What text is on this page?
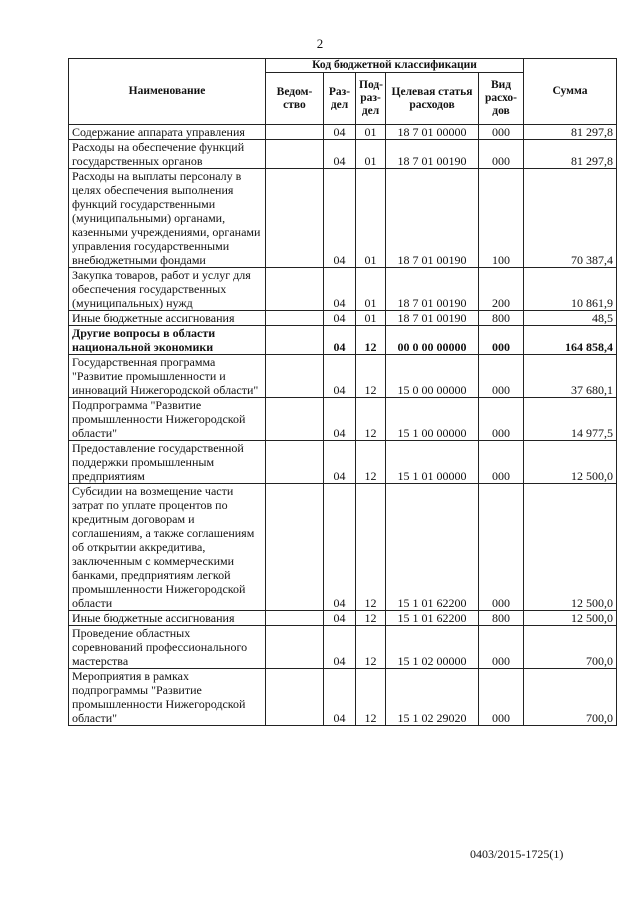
2
Наименование	Код бюджетной классификации					Сумма
	Ведом-ство	Раз-дел	Под-раз-дел	Целевая статья расходов	Вид расхо-дов	
Содержание аппарата управления		04	01	18 7 01 00000	000	81 297,8
Расходы на обеспечение функций государственных органов		04	01	18 7 01 00190	000	81 297,8
Расходы на выплаты персоналу в целях обеспечения выполнения функций государственными (муниципальными) органами, казенными учреждениями, органами управления государственными внебюджетными фондами		04	01	18 7 01 00190	100	70 387,4
Закупка товаров, работ и услуг для обеспечения государственных (муниципальных) нужд		04	01	18 7 01 00190	200	10 861,9
Иные бюджетные ассигнования		04	01	18 7 01 00190	800	48,5
Другие вопросы в области национальной экономики		04	12	00 0 00 00000	000	164 858,4
Государственная программа "Развитие промышленности и инноваций Нижегородской области"		04	12	15 0 00 00000	000	37 680,1
Подпрограмма "Развитие промышленности Нижегородской области"		04	12	15 1 00 00000	000	14 977,5
Предоставление государственной поддержки промышленным предприятиям		04	12	15 1 01 00000	000	12 500,0
Субсидии на возмещение части затрат по уплате процентов по кредитным договорам и соглашениям, а также соглашениям об открытии аккредитива, заключенным с коммерческими банками, предприятиям легкой промышленности Нижегородской области		04	12	15 1 01 62200	000	12 500,0
Иные бюджетные ассигнования		04	12	15 1 01 62200	800	12 500,0
Проведение областных соревнований профессионального мастерства		04	12	15 1 02 00000	000	700,0
Мероприятия в рамках подпрограммы "Развитие промышленности Нижегородской области"		04	12	15 1 02 29020	000	700,0
0403/2015-1725(1)
